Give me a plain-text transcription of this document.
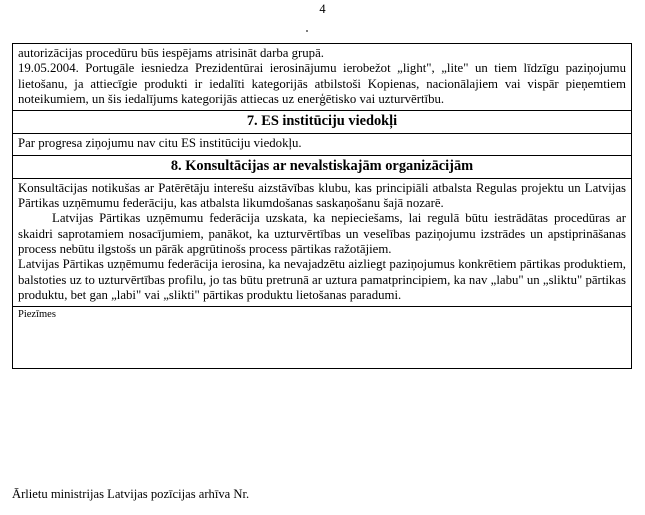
4

autorizācijas procedūru būs iespējams atrisināt darba grupā.

19.05.2004. Portugāle iesniedza Prezidentūrai ierosinājumu ierobežot „light", „lite" un tiem līdzīgu paziņojumu lietošanu, ja attiecīgie produkti ir iedalīti kategorijās atbilstoši Kopienas, nacionālajiem vai vispār pieņemtiem noteikumiem, un šis iedalījums kategorijās attiecas uz enerģētisko vai uzturvērtību.

7. ES institūciju viedokļi
Par progresa ziņojumu nav citu ES institūciju viedokļu.
8. Konsultācijas ar nevalstiskajām organizācijām

Konsultācijas notikušas ar Patērētāju interešu aizstāvības klubu, kas principiāli atbalsta Regulas projektu un Latvijas Pārtikas uzņēmumu federāciju, kas atbalsta likumdošanas saskaņošanu šajā nozarē.

Latvijas Pārtikas uzņēmumu federācija uzskata, ka nepieciešams, lai regulā būtu iestrādātas procedūras ar skaidri saprotamiem nosacījumiem, panākot, ka uzturvērtības un veselības paziņojumu izstrādes un apstiprināšanas process nebūtu ilgstošs un pārāk apgrūtinošs process pārtikas ražotājiem.

Latvijas Pārtikas uzņēmumu federācija ierosina, ka nevajadzētu aizliegt paziņojumus konkrētiem pārtikas produktiem, balstoties uz to uzturvērtības profilu, jo tas būtu pretrunā ar uztura pamatprincipiem, ka nav „labu" un „sliktu" pārtikas produktu, bet gan „labi" vai „slikti" pārtikas produktu lietošanas paradumi.

Piezīmes
Ārlietu ministrijas Latvijas pozīcijas arhīva Nr.
